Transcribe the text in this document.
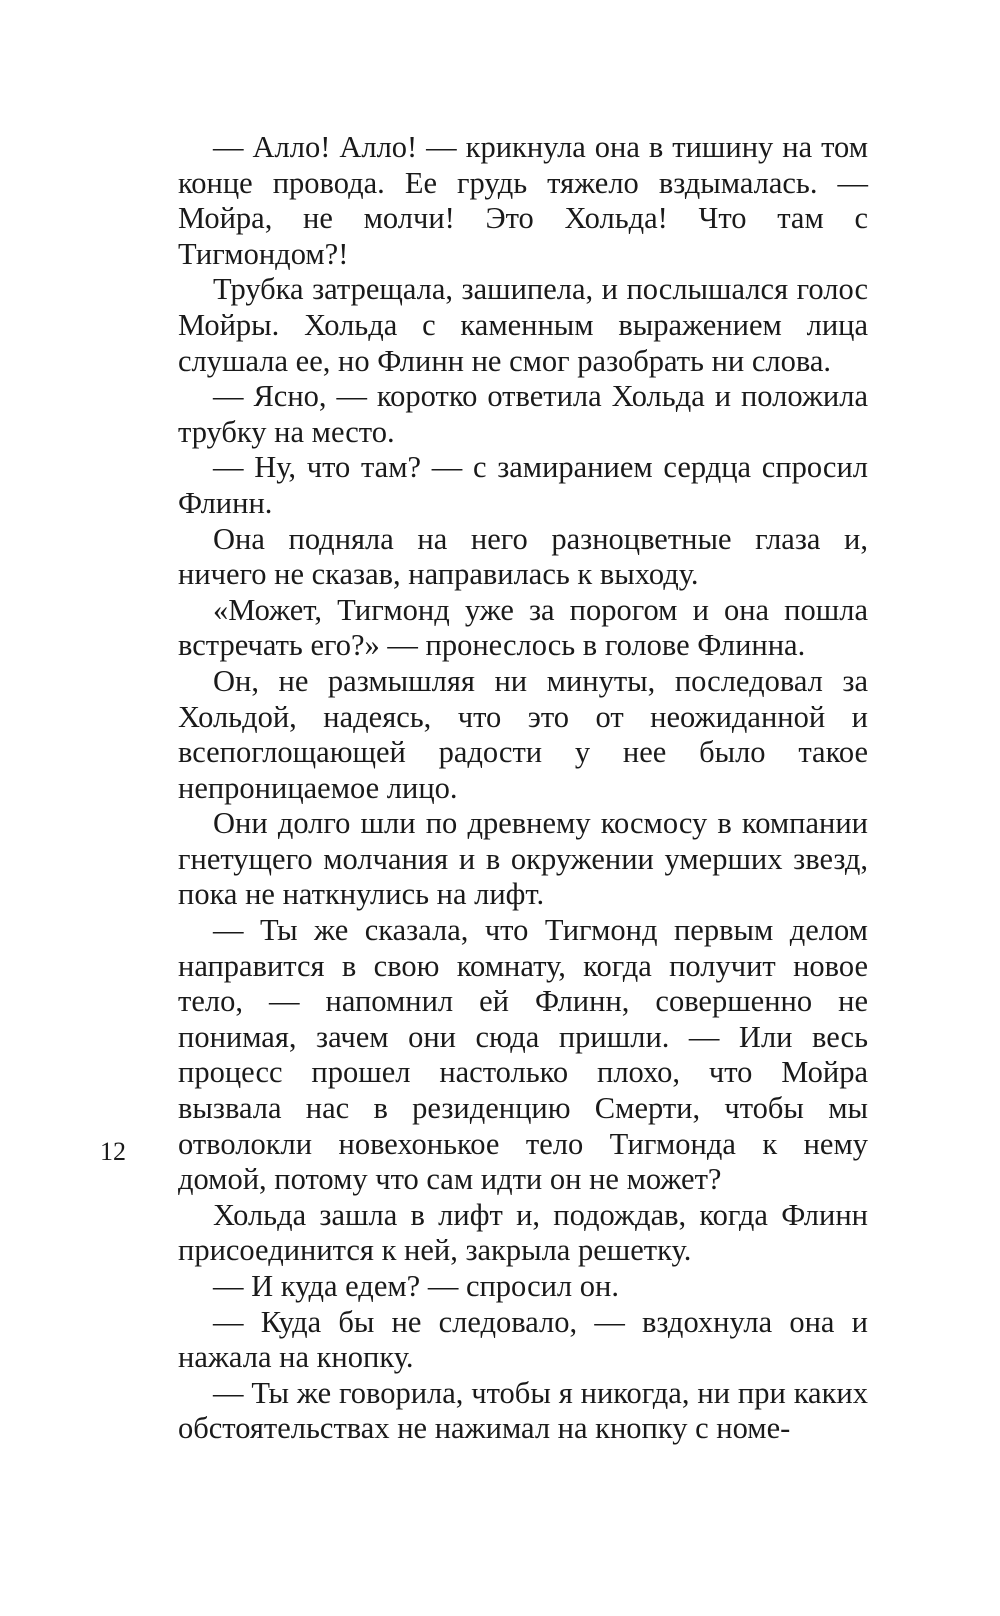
— Алло! Алло! — крикнула она в тишину на том конце провода. Ее грудь тяжело вздымалась. — Мойра, не молчи! Это Хольда! Что там с Тигмондом?!

Трубка затрещала, зашипела, и послышался голос Мойры. Хольда с каменным выражением лица слушала ее, но Флинн не смог разобрать ни слова.

— Ясно, — коротко ответила Хольда и положила трубку на место.

— Ну, что там? — с замиранием сердца спросил Флинн.

Она подняла на него разноцветные глаза и, ничего не сказав, направилась к выходу.

«Может, Тигмонд уже за порогом и она пошла встречать его?» — пронеслось в голове Флинна.

Он, не размышляя ни минуты, последовал за Хольдой, надеясь, что это от неожиданной и всепоглощающей радости у нее было такое непроницаемое лицо.

Они долго шли по древнему космосу в компании гнетущего молчания и в окружении умерших звезд, пока не наткнулись на лифт.

— Ты же сказала, что Тигмонд первым делом направится в свою комнату, когда получит новое тело, — напомнил ей Флинн, совершенно не понимая, зачем они сюда пришли. — Или весь процесс прошел настолько плохо, что Мойра вызвала нас в резиденцию Смерти, чтобы мы отволокли новехонькое тело Тигмонда к нему домой, потому что сам идти он не может?

Хольда зашла в лифт и, подождав, когда Флинн присоединится к ней, закрыла решетку.

— И куда едем? — спросил он.

— Куда бы не следовало, — вздохнула она и нажала на кнопку.

— Ты же говорила, чтобы я никогда, ни при каких обстоятельствах не нажимал на кнопку с номе-

12
